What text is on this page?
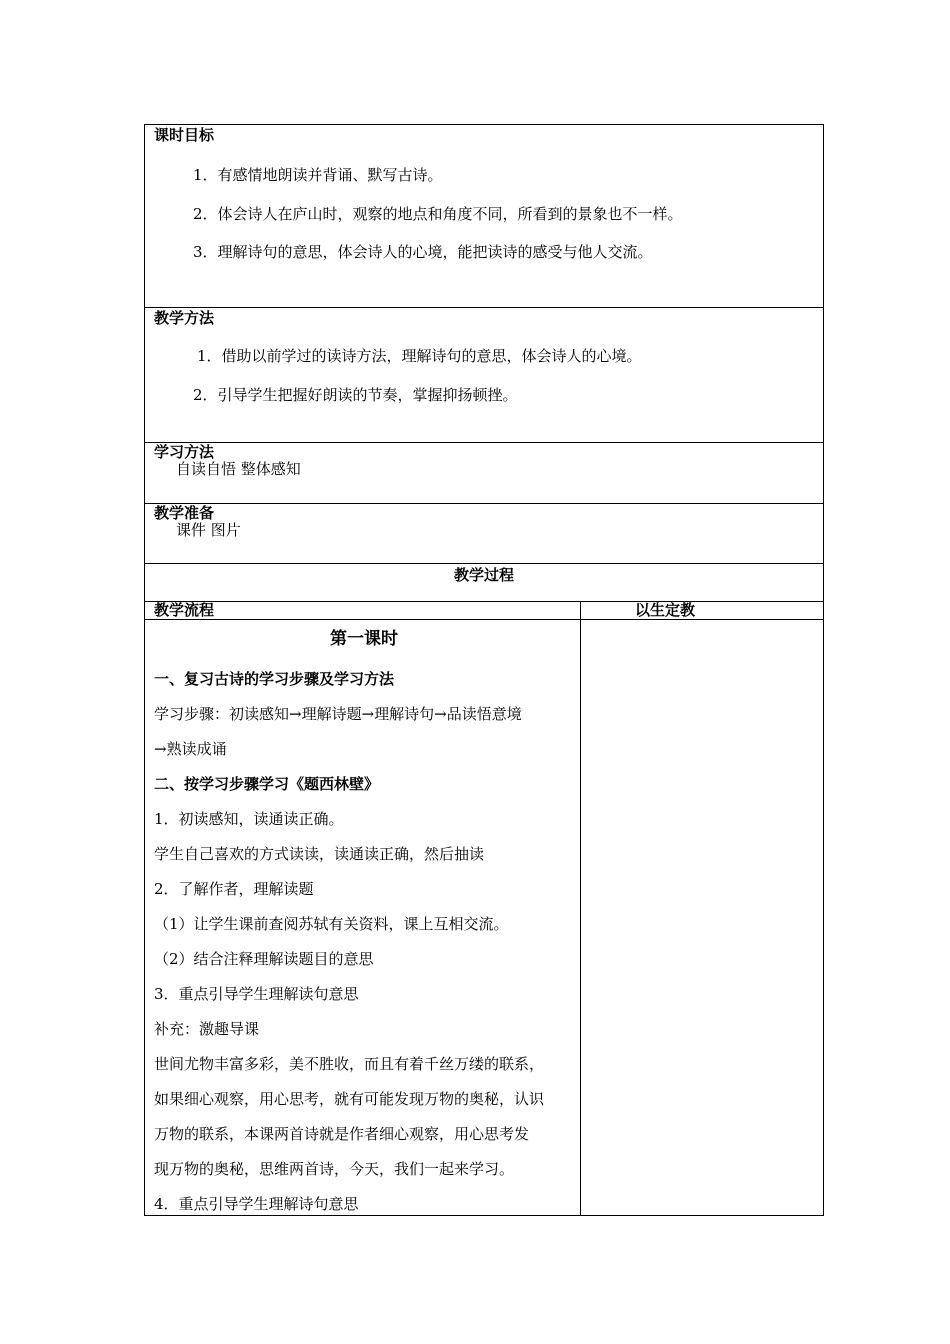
课时目标
1．有感情地朗读并背诵、默写古诗。
2．体会诗人在庐山时，观察的地点和角度不同，所看到的景象也不一样。
3．理解诗句的意思，体会诗人的心境，能把读诗的感受与他人交流。
教学方法
1．借助以前学过的读诗方法，理解诗句的意思，体会诗人的心境。
2．引导学生把握好朗读的节奏，掌握抑扬顿挫。
学习方法
自读自悟 整体感知
教学准备
课件 图片
教学过程
教学流程	以生定教
第一课时
一、复习古诗的学习步骤及学习方法
学习步骤：初读感知→理解诗题→理解诗句→品读悟意境
→熟读成诵
二、按学习步骤学习《题西林壁》
1．初读感知，读通读正确。
学生自己喜欢的方式读读，读通读正确，然后抽读
2．了解作者，理解读题
（1）让学生课前查阅苏轼有关资料，课上互相交流。
（2）结合注释理解读题目的意思
3．重点引导学生理解读句意思
补充：激趣导课
世间尤物丰富多彩，美不胜收，而且有着千丝万缕的联系，
如果细心观察，用心思考，就有可能发现万物的奥秘，认识
万物的联系，本课两首诗就是作者细心观察，用心思考发
现万物的奥秘，思维两首诗，今天，我们一起来学习。
4．重点引导学生理解诗句意思
